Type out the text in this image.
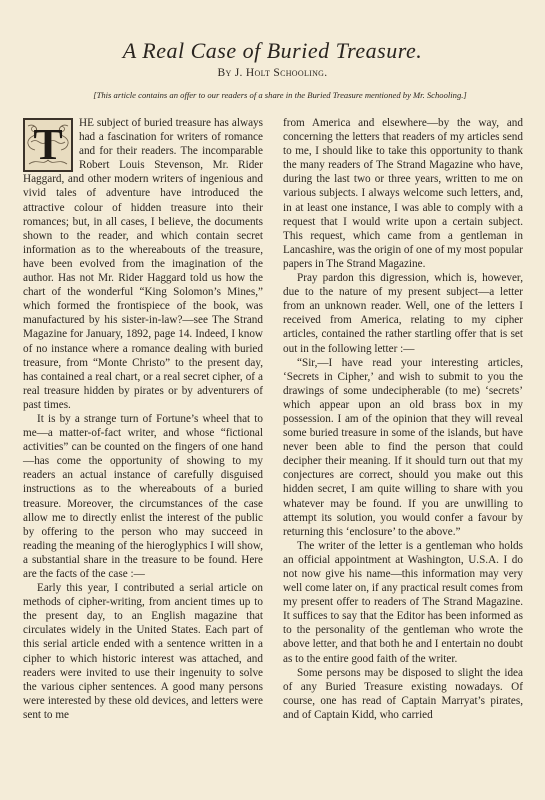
A Real Case of Buried Treasure.
By J. Holt Schooling.
[This article contains an offer to our readers of a share in the Buried Treasure mentioned by Mr. Schooling.]

T HE subject of buried treasure has always had a fascination for writers of romance and for their readers. The incomparable Robert Louis Stevenson, Mr. Rider Haggard, and other modern writers of ingenious and vivid tales of adventure have introduced the attractive colour of hidden treasure into their romances; but, in all cases, I believe, the documents shown to the reader, and which contain secret information as to the whereabouts of the treasure, have been evolved from the imagination of the author. Has not Mr. Rider Haggard told us how the chart of the wonderful “King Solomon’s Mines,” which formed the frontispiece of the book, was manufactured by his sister-in-law?—see The Strand Magazine for January, 1892, page 14. Indeed, I know of no instance where a romance dealing with buried treasure, from “Monte Christo” to the present day, has contained a real chart, or a real secret cipher, of a real treasure hidden by pirates or by adventurers of past times.

It is by a strange turn of Fortune’s wheel that to me—a matter-of-fact writer, and whose “fictional activities” can be counted on the fingers of one hand—has come the opportunity of showing to my readers an actual instance of carefully disguised instructions as to the whereabouts of a buried treasure. Moreover, the circumstances of the case allow me to directly enlist the interest of the public by offering to the person who may succeed in reading the meaning of the hieroglyphics I will show, a substantial share in the treasure to be found. Here are the facts of the case :—

Early this year, I contributed a serial article on methods of cipher-writing, from ancient times up to the present day, to an English magazine that circulates widely in the United States. Each part of this serial article ended with a sentence written in a cipher to which historic interest was attached, and readers were invited to use their ingenuity to solve the various cipher sentences. A good many persons were interested by these old devices, and letters were sent to me

from America and elsewhere—by the way, and concerning the letters that readers of my articles send to me, I should like to take this opportunity to thank the many readers of The Strand Magazine who have, during the last two or three years, written to me on various subjects. I always welcome such letters, and, in at least one instance, I was able to comply with a request that I would write upon a certain subject. This request, which came from a gentleman in Lancashire, was the origin of one of my most popular papers in The Strand Magazine.

Pray pardon this digression, which is, however, due to the nature of my present subject—a letter from an unknown reader. Well, one of the letters I received from America, relating to my cipher articles, contained the rather startling offer that is set out in the following letter :—

“Sir,—I have read your interesting articles, ‘Secrets in Cipher,’ and wish to submit to you the drawings of some undecipherable (to me) ‘secrets’ which appear upon an old brass box in my possession. I am of the opinion that they will reveal some buried treasure in some of the islands, but have never been able to find the person that could decipher their meaning. If it should turn out that my conjectures are correct, should you make out this hidden secret, I am quite willing to share with you whatever may be found. If you are unwilling to attempt its solution, you would confer a favour by returning this ‘enclosure’ to the above.”

The writer of the letter is a gentleman who holds an official appointment at Washington, U.S.A. I do not now give his name—this information may very well come later on, if any practical result comes from my present offer to readers of The Strand Magazine. It suffices to say that the Editor has been informed as to the personality of the gentleman who wrote the above letter, and that both he and I entertain no doubt as to the entire good faith of the writer.

Some persons may be disposed to slight the idea of any Buried Treasure existing nowadays. Of course, one has read of Captain Marryat’s pirates, and of Captain Kidd, who carried
